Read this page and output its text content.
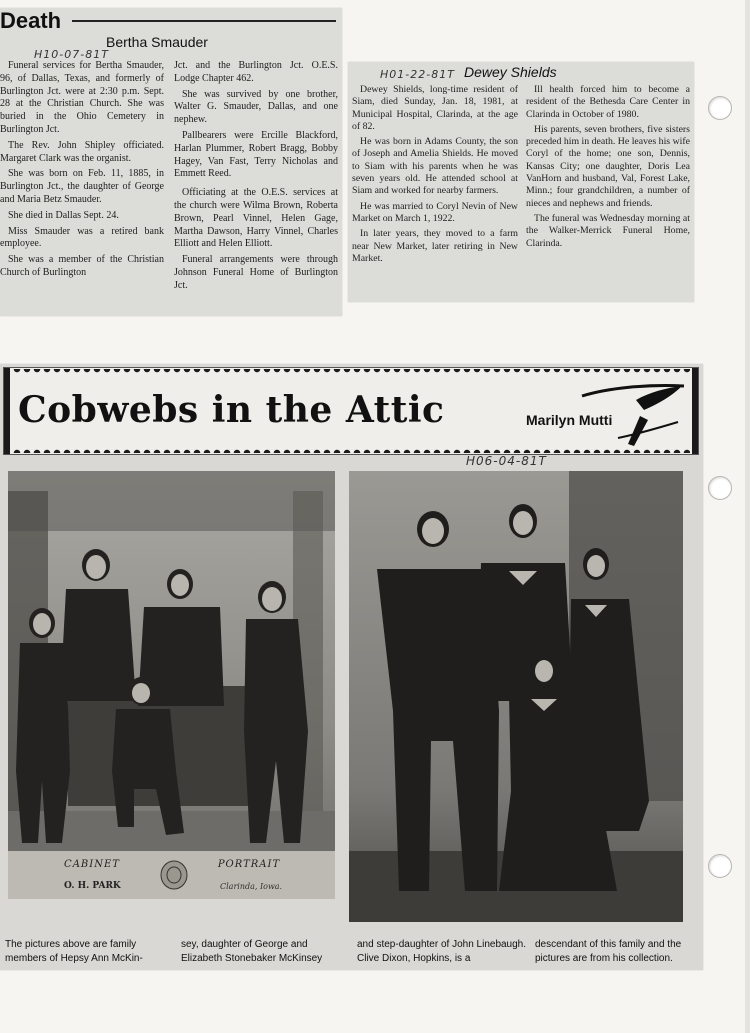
Death
H10-07-81T
Bertha Smauder

Funeral services for Bertha Smauder, 96, of Dallas, Texas, and formerly of Burlington Jct. were at 2:30 p.m. Sept. 28 at the Christian Church. She was buried in the Ohio Cemetery in Burlington Jct.

The Rev. John Shipley officiated. Margaret Clark was the organist.

She was born on Feb. 11, 1885, in Burlington Jct., the daughter of George and Maria Betz Smauder.

She died in Dallas Sept. 24.

Miss Smauder was a retired bank employee.

She was a member of the Christian Church of Burlington

Jct. and the Burlington Jct. O.E.S. Lodge Chapter 462.

She was survived by one brother, Walter G. Smauder, Dallas, and one nephew.

Pallbearers were Ercille Blackford, Harlan Plummer, Robert Bragg, Bobby Hagey, Van Fast, Terry Nicholas and Emmett Reed.

Officiating at the O.E.S. services at the church were Wilma Brown, Roberta Brown, Pearl Vinnel, Helen Gage, Martha Dawson, Harry Vinnel, Charles Elliott and Helen Elliott.

Funeral arrangements were through Johnson Funeral Home of Burlington Jct.

H01-22-81T Dewey Shields

Dewey Shields, long-time resident of Siam, died Sunday, Jan. 18, 1981, at Municipal Hospital, Clarinda, at the age of 82.

He was born in Adams County, the son of Joseph and Amelia Shields. He moved to Siam with his parents when he was seven years old. He attended school at Siam and worked for nearby farmers.

He was married to Coryl Nevin of New Market on March 1, 1922.

In later years, they moved to a farm near New Market, later retiring in New Market.

Ill health forced him to become a resident of the Bethesda Care Center in Clarinda in October of 1980.

His parents, seven brothers, five sisters preceded him in death. He leaves his wife Coryl of the home; one son, Dennis, Kansas City; one daughter, Doris Lea VanHorn and husband, Val, Forest Lake, Minn.; four grandchildren, a number of nieces and nephews and friends.

The funeral was Wednesday morning at the Walker-Merrick Funeral Home, Clarinda.

Cobwebs in the Attic	Marilyn Mutti
H06-04-81T
CABINET	PORTRAIT
O. H. PARK	Clarinda, Iowa.
The pictures above are family members of Hepsy Ann McKin-
sey, daughter of George and Elizabeth Stonebaker McKinsey
and step-daughter of John Linebaugh. Clive Dixon, Hopkins, is a
descendant of this family and the pictures are from his collection.
